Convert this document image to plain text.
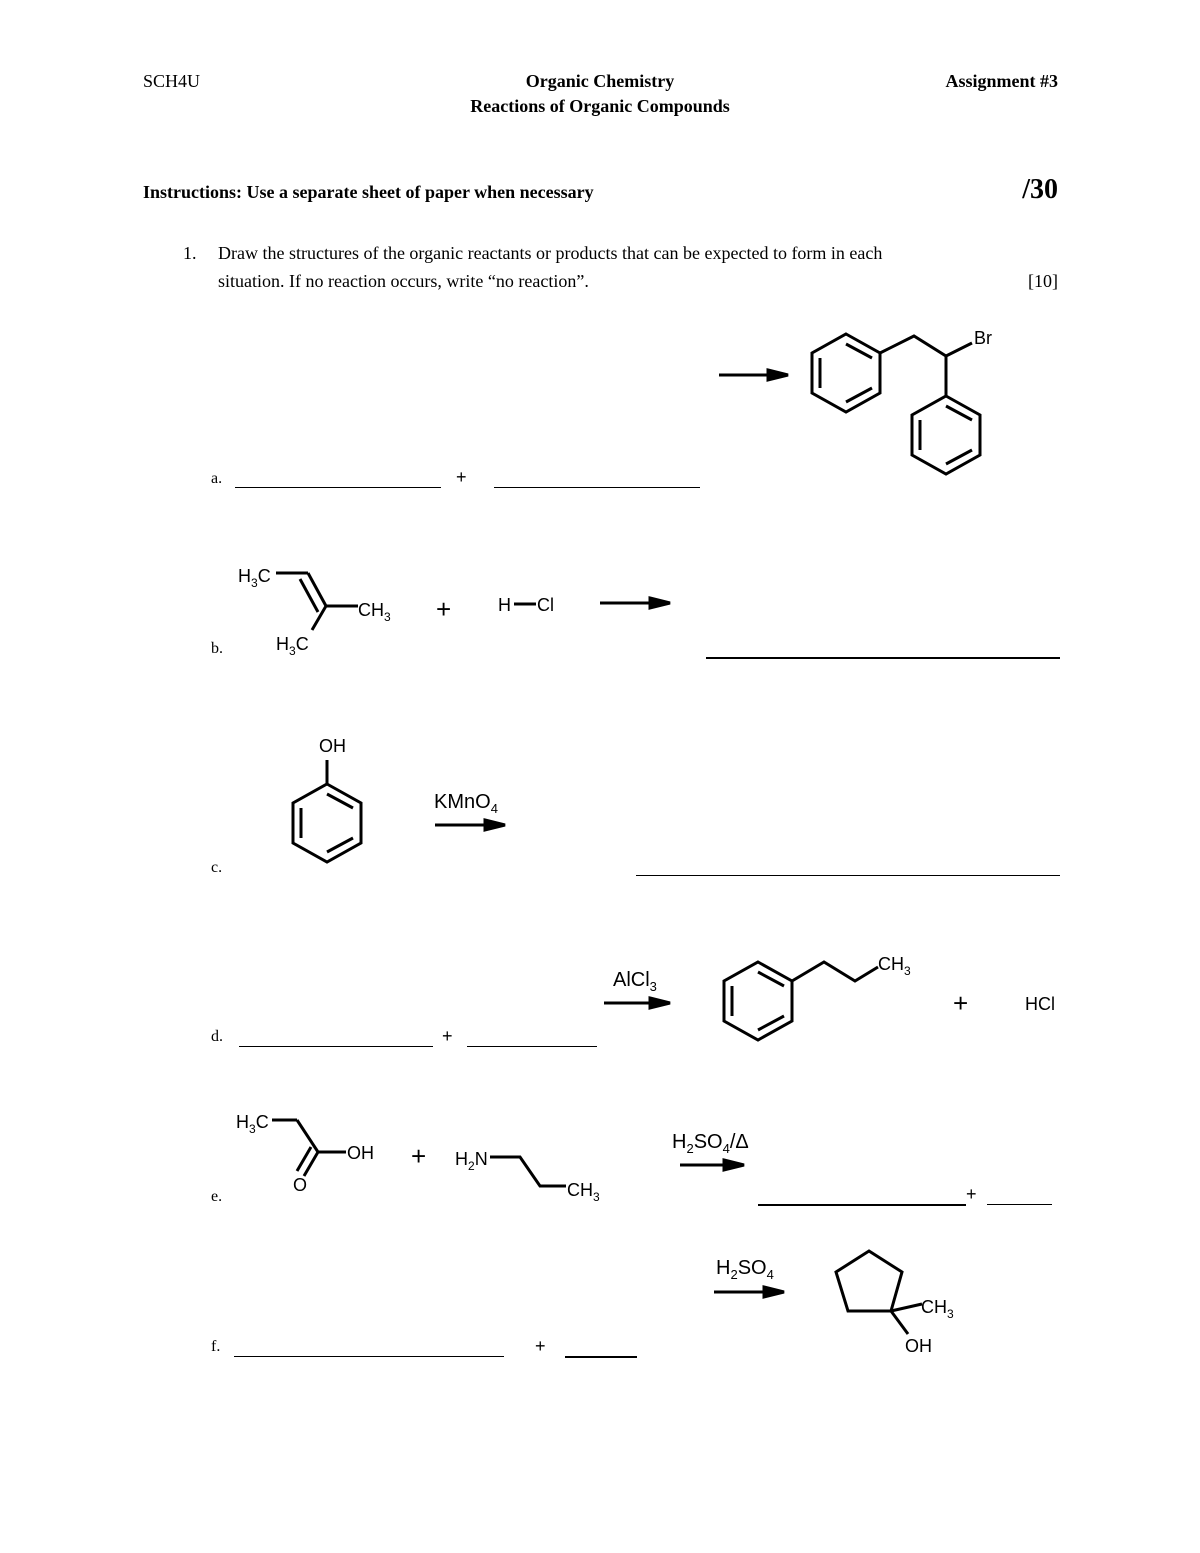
SCH4U	Organic Chemistry
Reactions of Organic Compounds
Assignment #3
Instructions: Use a separate sheet of paper when necessary	/30
1. Draw the structures of the organic reactants or products that can be expected to form in each
situation. If no reaction occurs, write “no reaction”.	[10]
a.	+
Br
b.
$H_3C$
$CH_3$
$H_3C$
+	H Cl
c.
OH
KMnO$_4$
d.	+
AlCl$_3$
$CH_3$
+	HCl
e.
$H_3C$
OH
O
+ $H_2N$
$CH_3$
$H_2SO_4/\Delta$
+
f.	+
$H_2SO_4$
$CH_3$
OH
